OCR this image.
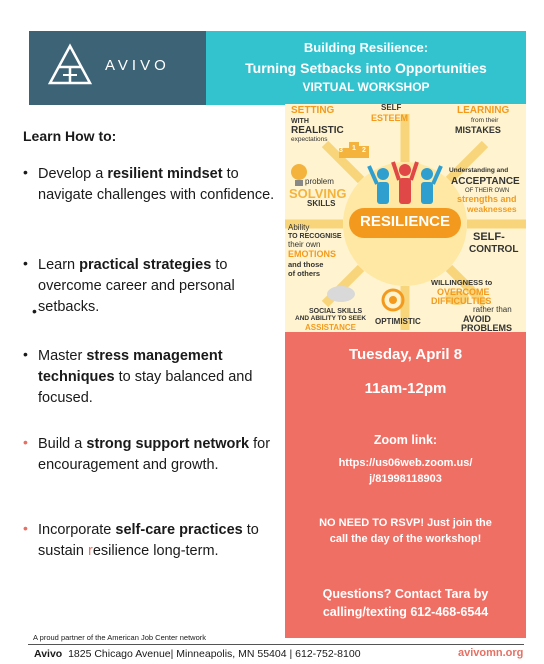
AVIVO
Building Resilience:
Turning Setbacks into Opportunities
VIRTUAL WORKSHOP
Learn How to:
• Develop a resilient mindset to navigate challenges with confidence.
• Learn practical strategies to overcome career and personal setbacks.
•
• Master stress management techniques to stay balanced and focused.
• Build a strong support network for encouragement and growth.
• Incorporate self-care practices to sustain resilience long-term.
SETTING
WITH
REALISTIC
expectations
3 1 2
SELF
ESTEEM
LEARNING
from their
MISTAKES
problem
SOLVING
SKILLS
Understanding and
ACCEPTANCE
OF THEIR OWN
strengths and
weaknesses
Ability
TO RECOGNISE
their own
EMOTIONS
and those
of others
SELF-
CONTROL
WILLINGNESS to
OVERCOME
DIFFICULTIES
rather than
AVOID
PROBLEMS
SOCIAL SKILLS
AND ABILITY TO SEEK
ASSISTANCE
OPTIMISTIC
RESILIENCE
Tuesday, April 8
11am-12pm
Zoom link:
https://us06web.zoom.us/
j/81998118903
NO NEED TO RSVP! Just join the
call the day of the workshop!
Questions? Contact Tara by
calling/texting 612-468-6544
A proud partner of the American Job Center network
Avivo 1825 Chicago Avenue| Minneapolis, MN 55404 | 612-752-8100	avivomn.org
